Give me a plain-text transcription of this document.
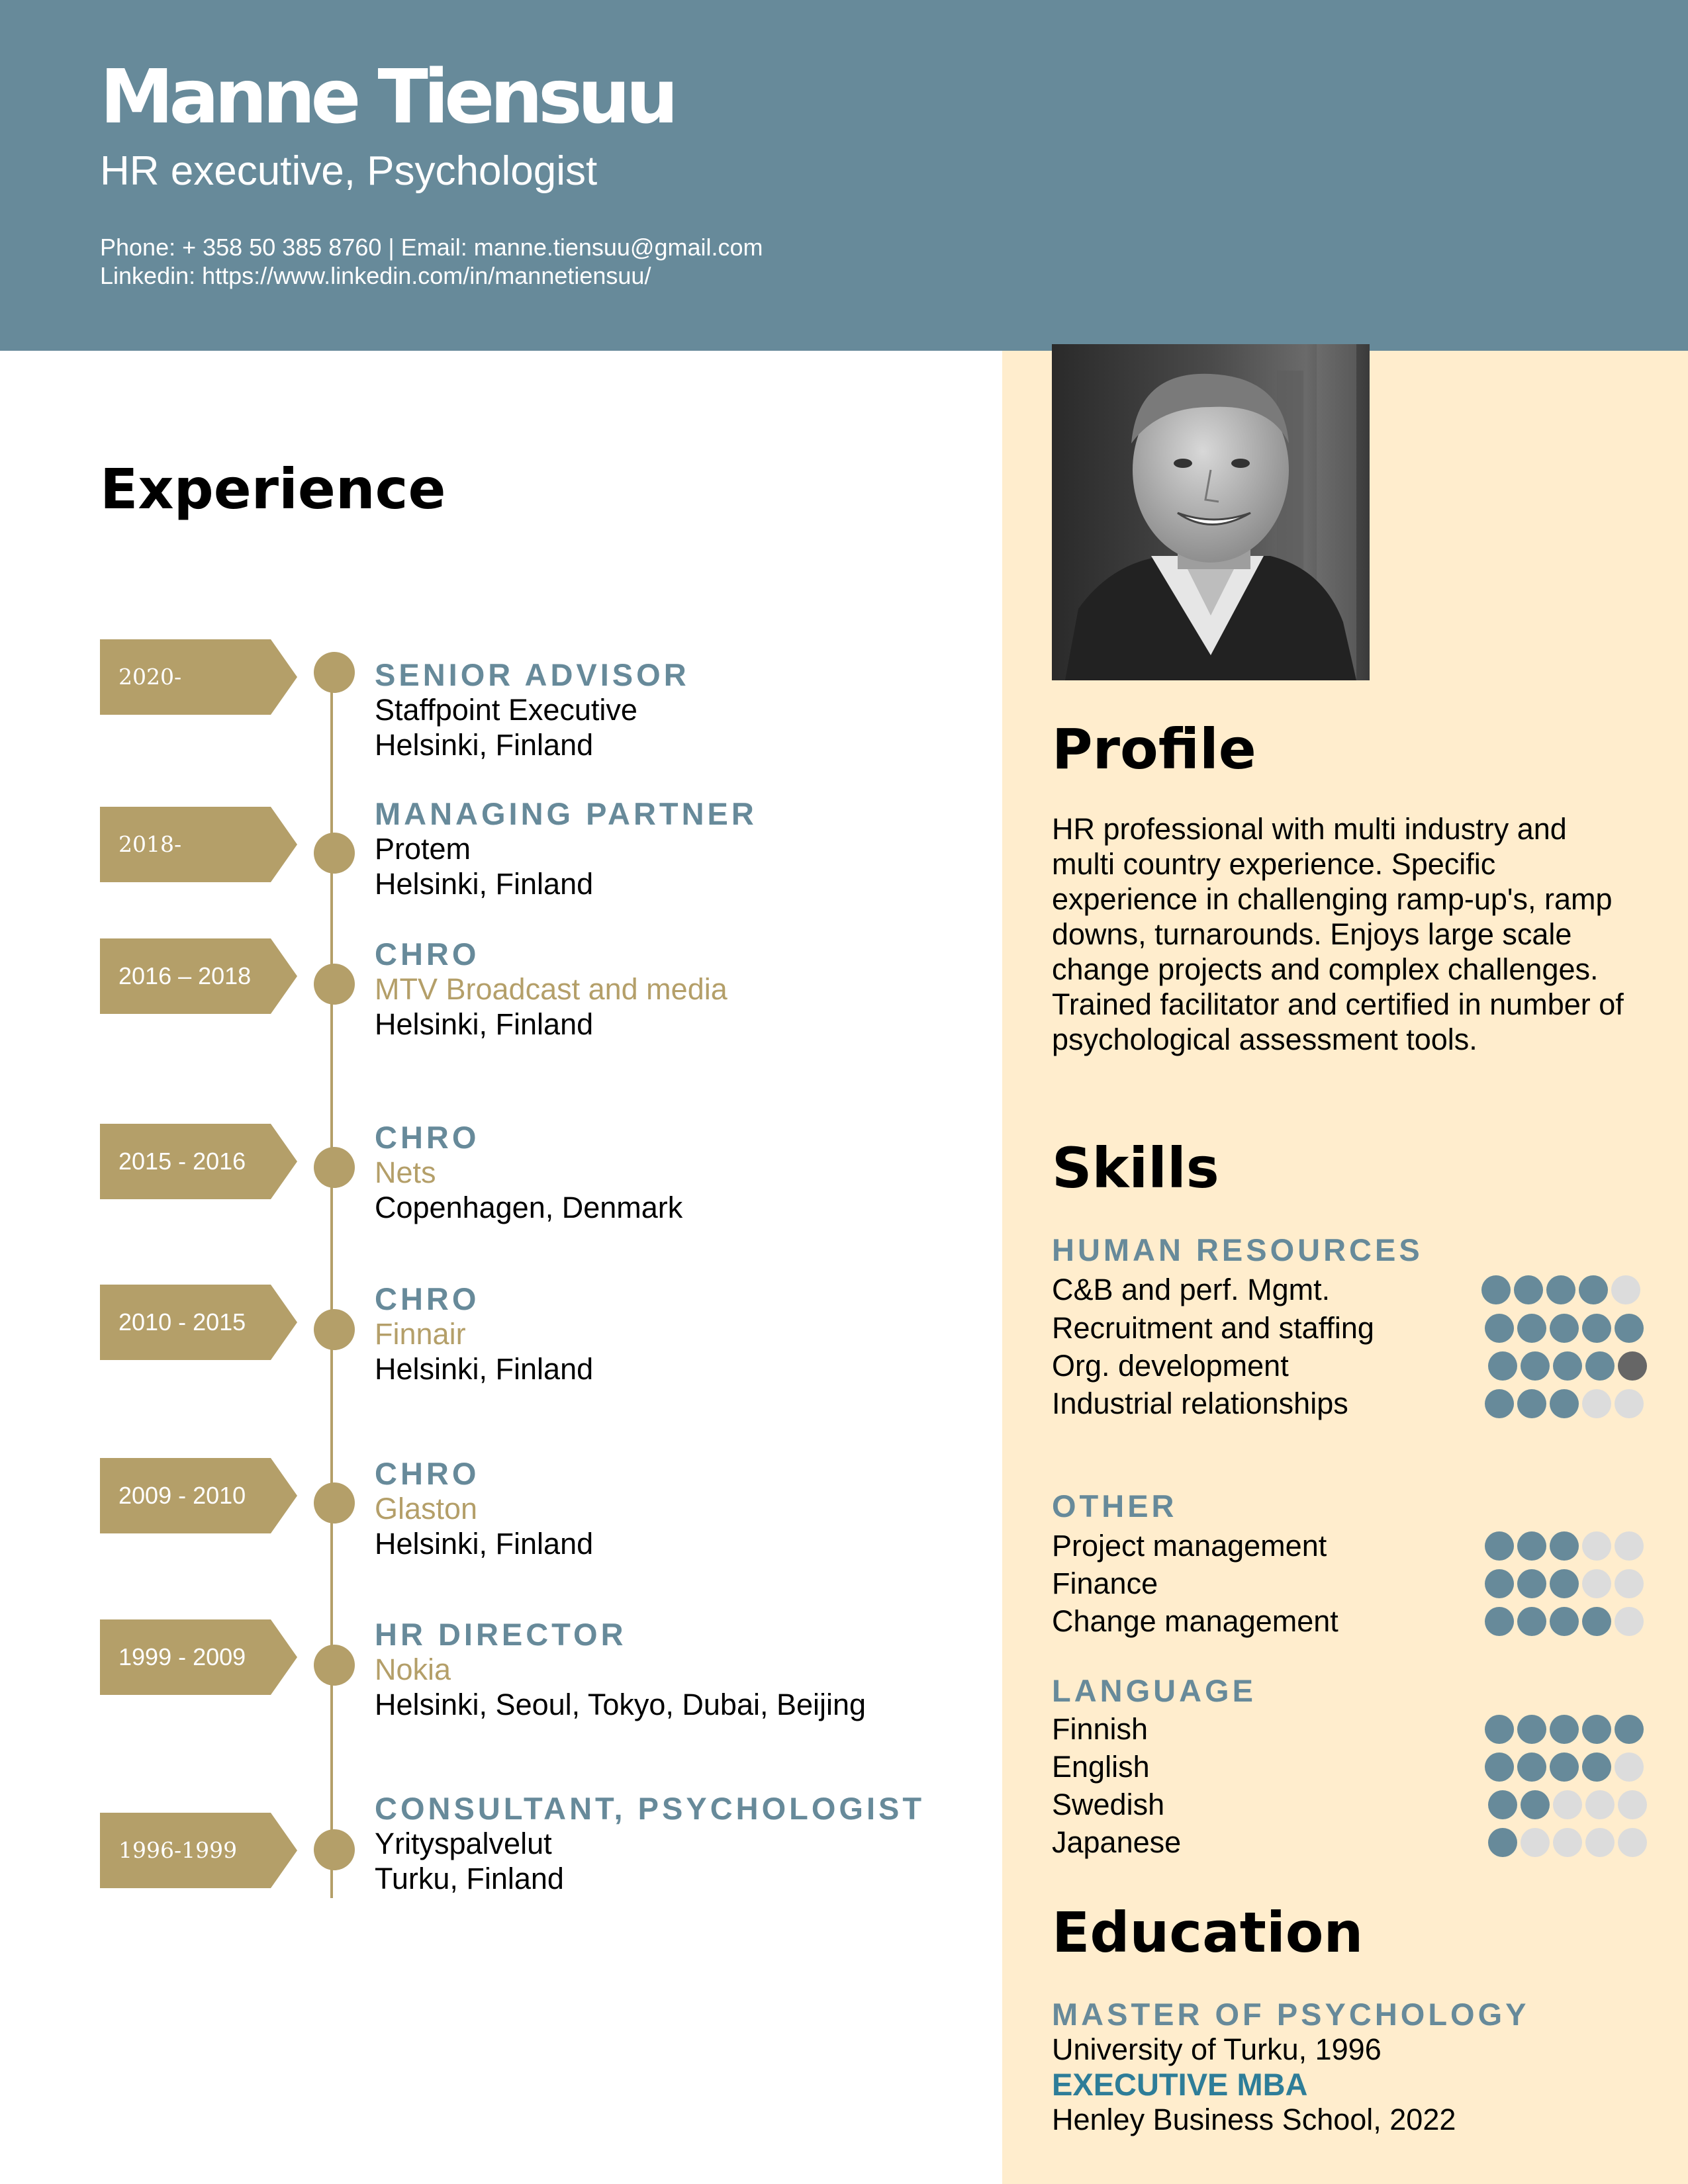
Manne Tiensuu
HR executive, Psychologist
Phone: + 358 50 385 8760 | Email: manne.tiensuu@gmail.com
Linkedin: https://www.linkedin.com/in/mannetiensuu/
Experience
2020-	SENIOR ADVISOR
Staffpoint Executive
Helsinki, Finland
2018-
MANAGING PARTNER
Protem
Helsinki, Finland
2016 – 2018
CHRO
MTV Broadcast and media
Helsinki, Finland
2015 - 2016
CHRO
Nets
Copenhagen, Denmark
2010 - 2015
CHRO
Finnair
Helsinki, Finland
2009 - 2010
CHRO
Glaston
Helsinki, Finland
1999 - 2009
HR DIRECTOR
Nokia
Helsinki, Seoul, Tokyo, Dubai, Beijing
1996-1999
CONSULTANT, PSYCHOLOGIST
Yrityspalvelut
Turku, Finland
Profile
HR professional with multi industry and multi country experience. Specific experience in challenging ramp-up's, ramp downs, turnarounds. Enjoys large scale change projects and complex challenges. Trained facilitator and certified in number of psychological assessment tools.
Skills
HUMAN RESOURCES
C&B and perf. Mgmt.
Recruitment and staffing
Org. development
Industrial relationships
OTHER
Project management
Finance
Change management
LANGUAGE
Finnish
English
Swedish
Japanese
Education
MASTER OF PSYCHOLOGY
University of Turku, 1996
EXECUTIVE MBA
Henley Business School, 2022
